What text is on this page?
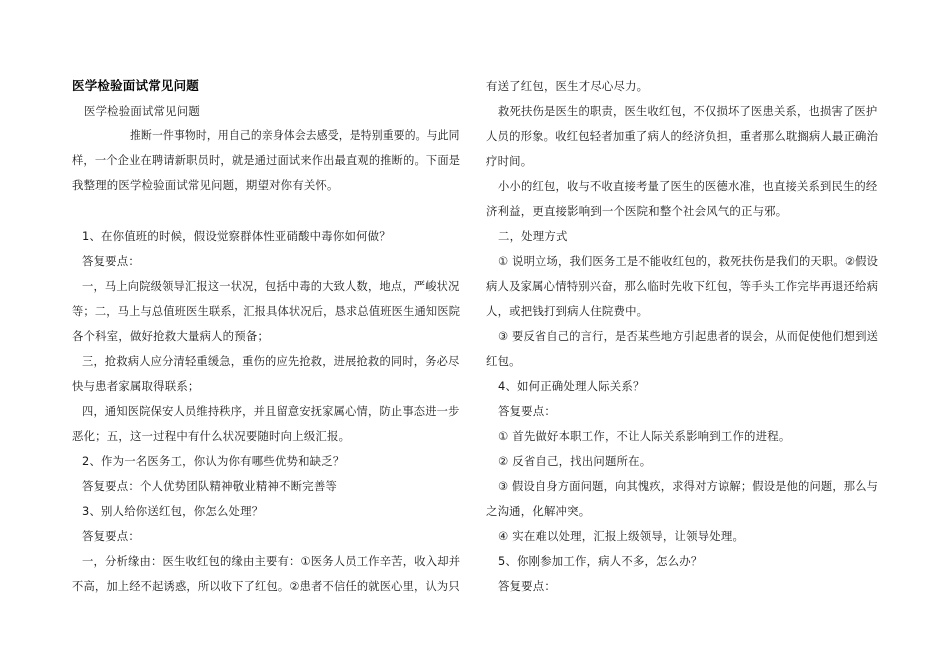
医学检验面试常见问题
医学检验面试常见问题
推断一件事物时，用自己的亲身体会去感受，是特别重要的。与此同
样，一个企业在聘请新职员时，就是通过面试来作出最直观的推断的。下面是
我整理的医学检验面试常见问题，期望对你有关怀。
1、在你值班的时候，假设觉察群体性亚硝酸中毒你如何做？
答复要点：
一，马上向院级领导汇报这一状况，包括中毒的大致人数，地点，严峻状况
等；二，马上与总值班医生联系，汇报具体状况后，恳求总值班医生通知医院
各个科室，做好抢救大量病人的预备；
三，抢救病人应分清轻重缓急，重伤的应先抢救，进展抢救的同时，务必尽
快与患者家属取得联系；
四，通知医院保安人员维持秩序，并且留意安抚家属心情，防止事态进一步
恶化；五，这一过程中有什么状况要随时向上级汇报。
2、作为一名医务工，你认为你有哪些优势和缺乏？
答复要点：个人优势团队精神敬业精神不断完善等
3、别人给你送红包，你怎么处理？
答复要点：
一，分析缘由：医生收红包的缘由主要有：①医务人员工作辛苦，收入却并
不高，加上经不起诱惑，所以收下了红包。②患者不信任的就医心里，认为只
有送了红包，医生才尽心尽力。
救死扶伤是医生的职责，医生收红包，不仅损坏了医患关系，也损害了医护
人员的形象。收红包轻者加重了病人的经济负担，重者那么耽搁病人最正确治
疗时间。
小小的红包，收与不收直接考量了医生的医德水准，也直接关系到民生的经
济利益，更直接影响到一个医院和整个社会风气的正与邪。
二，处理方式
① 说明立场，我们医务工是不能收红包的，救死扶伤是我们的天职。②假设
病人及家属心情特别兴奋，那么临时先收下红包，等手头工作完毕再退还给病
人，或把钱打到病人住院费中。
③ 要反省自己的言行，是否某些地方引起患者的误会，从而促使他们想到送
红包。
4、如何正确处理人际关系？
答复要点：
① 首先做好本职工作，不让人际关系影响到工作的进程。
② 反省自己，找出问题所在。
③ 假设自身方面问题，向其愧疚，求得对方谅解；假设是他的问题，那么与
之沟通，化解冲突。
④ 实在难以处理，汇报上级领导，让领导处理。
5、你刚参加工作，病人不多，怎么办？
答复要点：
